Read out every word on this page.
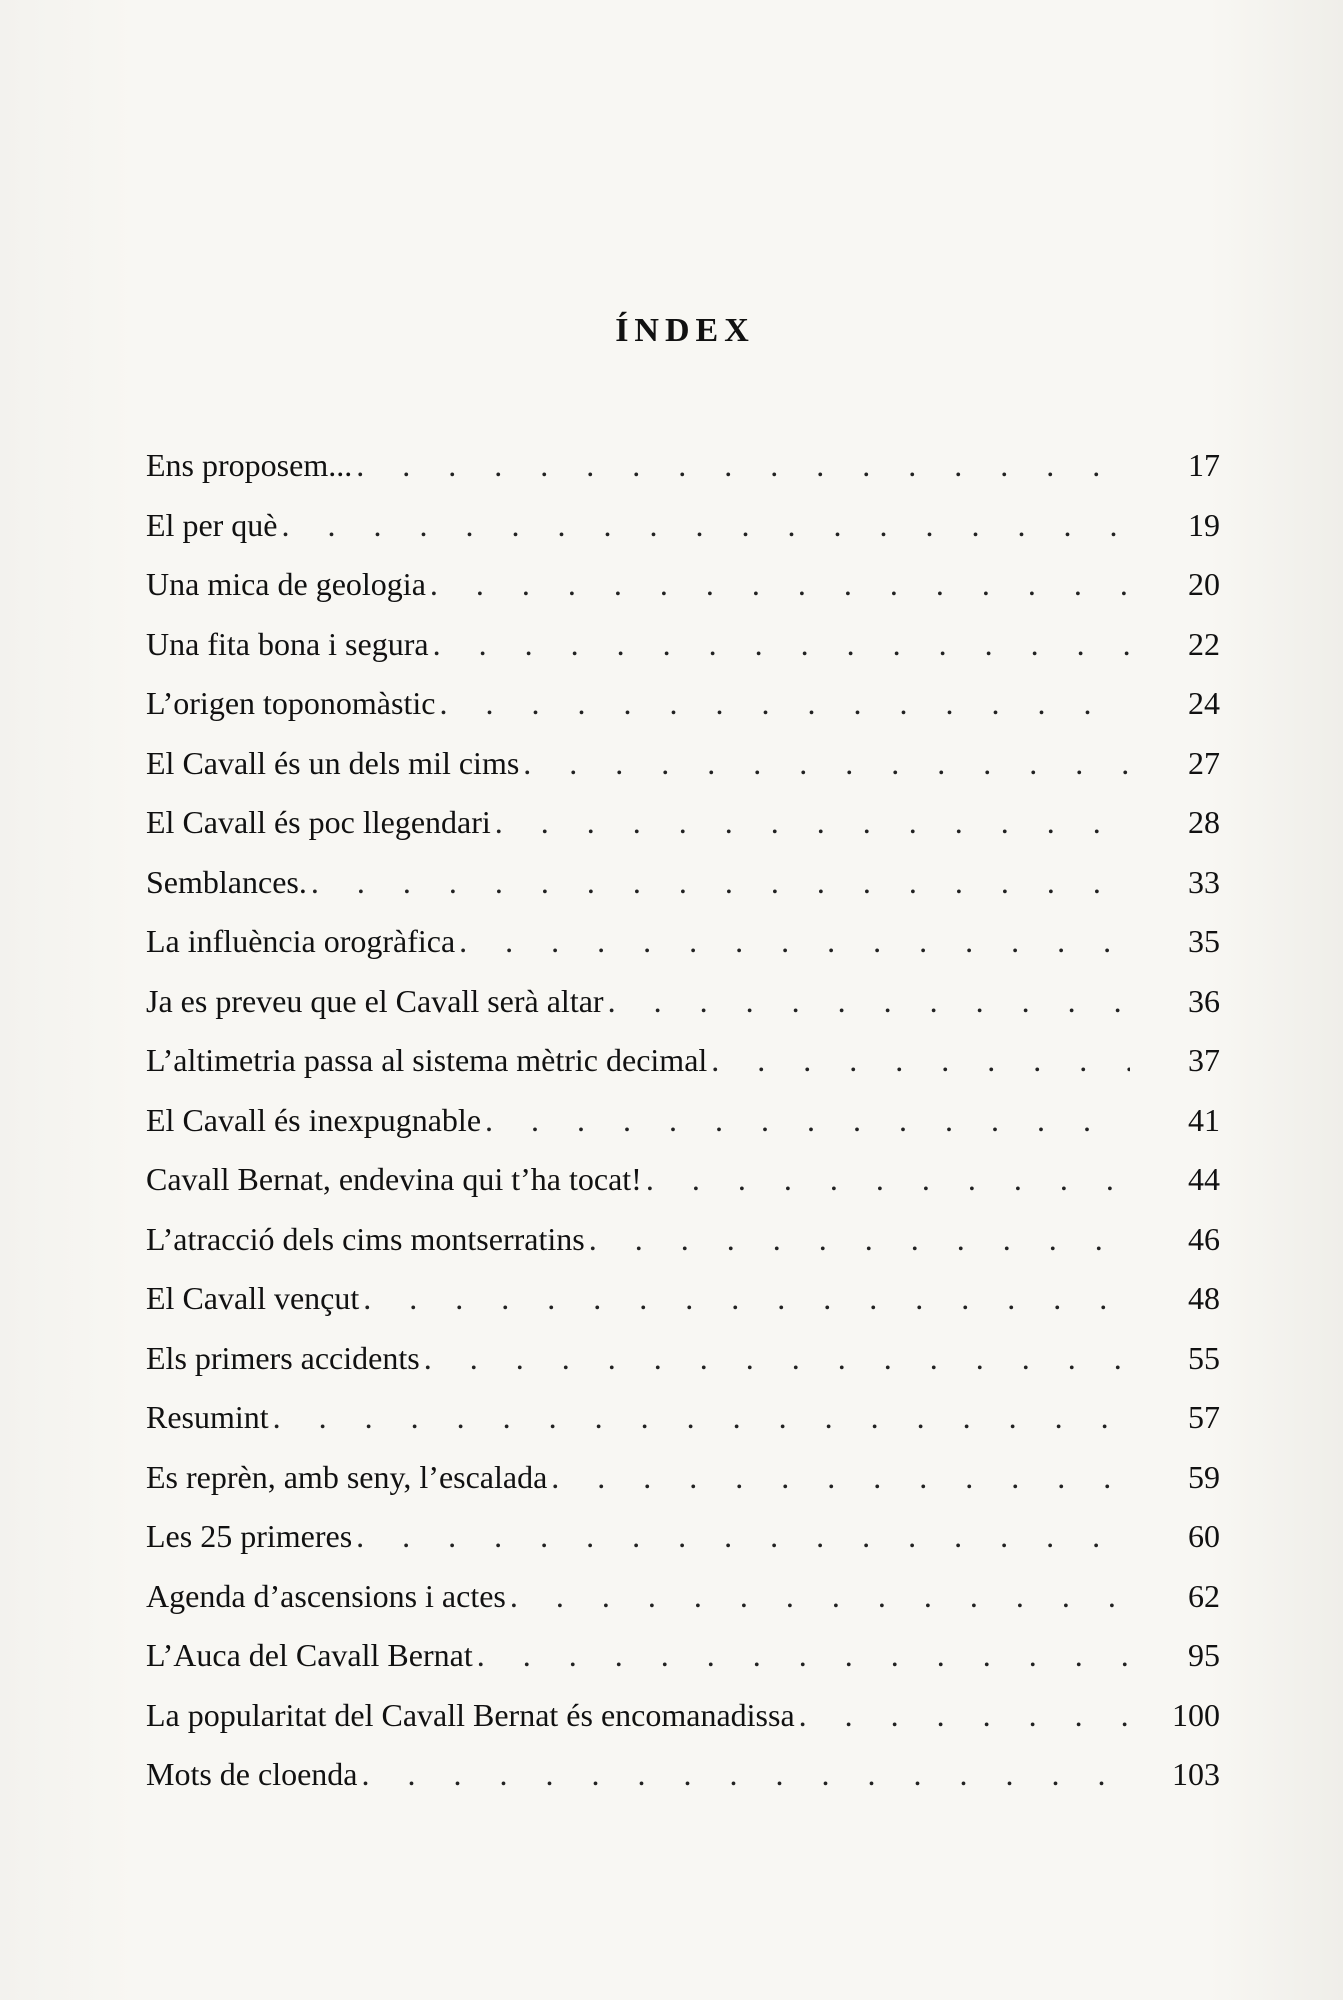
ÍNDEX
Ens proposem... . . .	17
El per què . . .	19
Una mica de geologia . . .	20
Una fita bona i segura . . .	22
L’origen toponomàstic . . .	24
El Cavall és un dels mil cims . . .	27
El Cavall és poc llegendari . . .	28
Semblances. . . .	33
La influència orogràfica . . .	35
Ja es preveu que el Cavall serà altar . . .	36
L’altimetria passa al sistema mètric decimal . . .	37
El Cavall és inexpugnable . . .	41
Cavall Bernat, endevina qui t’ha tocat! . . .	44
L’atracció dels cims montserratins . . .	46
El Cavall vençut . . .	48
Els primers accidents . . .	55
Resumint . . .	57
Es reprèn, amb seny, l’escalada . . .	59
Les 25 primeres . . .	60
Agenda d’ascensions i actes . . .	62
L’Auca del Cavall Bernat . . .	95
La popularitat del Cavall Bernat és encomanadissa . . .	100
Mots de cloenda . . .	103
